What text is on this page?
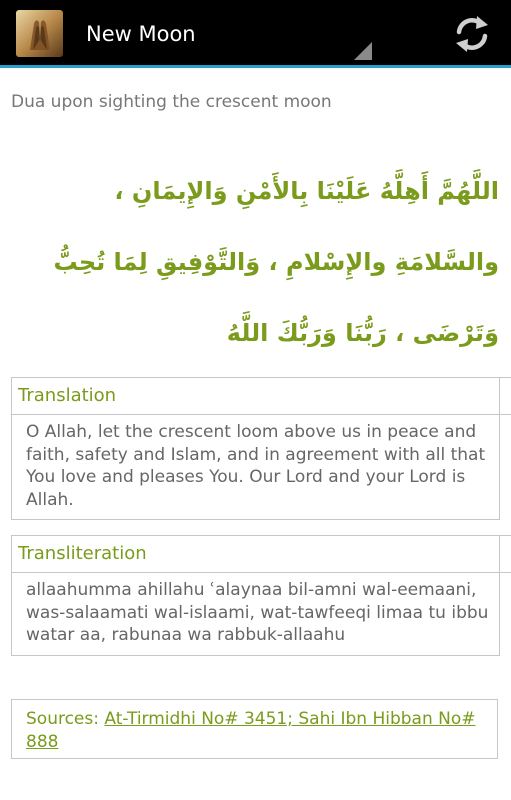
New Moon
Dua upon sighting the crescent moon
اللَّهُمَّ أَهِلَّهُ عَلَيْنَا بِالأَمْنِ وَالإِيمَانِ ، والسَّلامَةِ والإِسْلامِ ، وَالتَّوْفِيقِ لِمَا تُحِبُّ وَتَرْضَى ، رَبُّنَا وَرَبُّكَ اللَّهُ
Translation
O Allah, let the crescent loom above us in peace and faith, safety and Islam, and in agreement with all that You love and pleases You. Our Lord and your Lord is Allah.
Transliteration
allaahumma ahillahu ʿalaynaa bil-amni wal-eemaani, was-salaamati wal-islaami, wat-tawfeeqi limaa tu ibbu watar aa, rabunaa wa rabbuk-allaahu
Sources: At-Tirmidhi No# 3451; Sahi Ibn Hibban No# 888
